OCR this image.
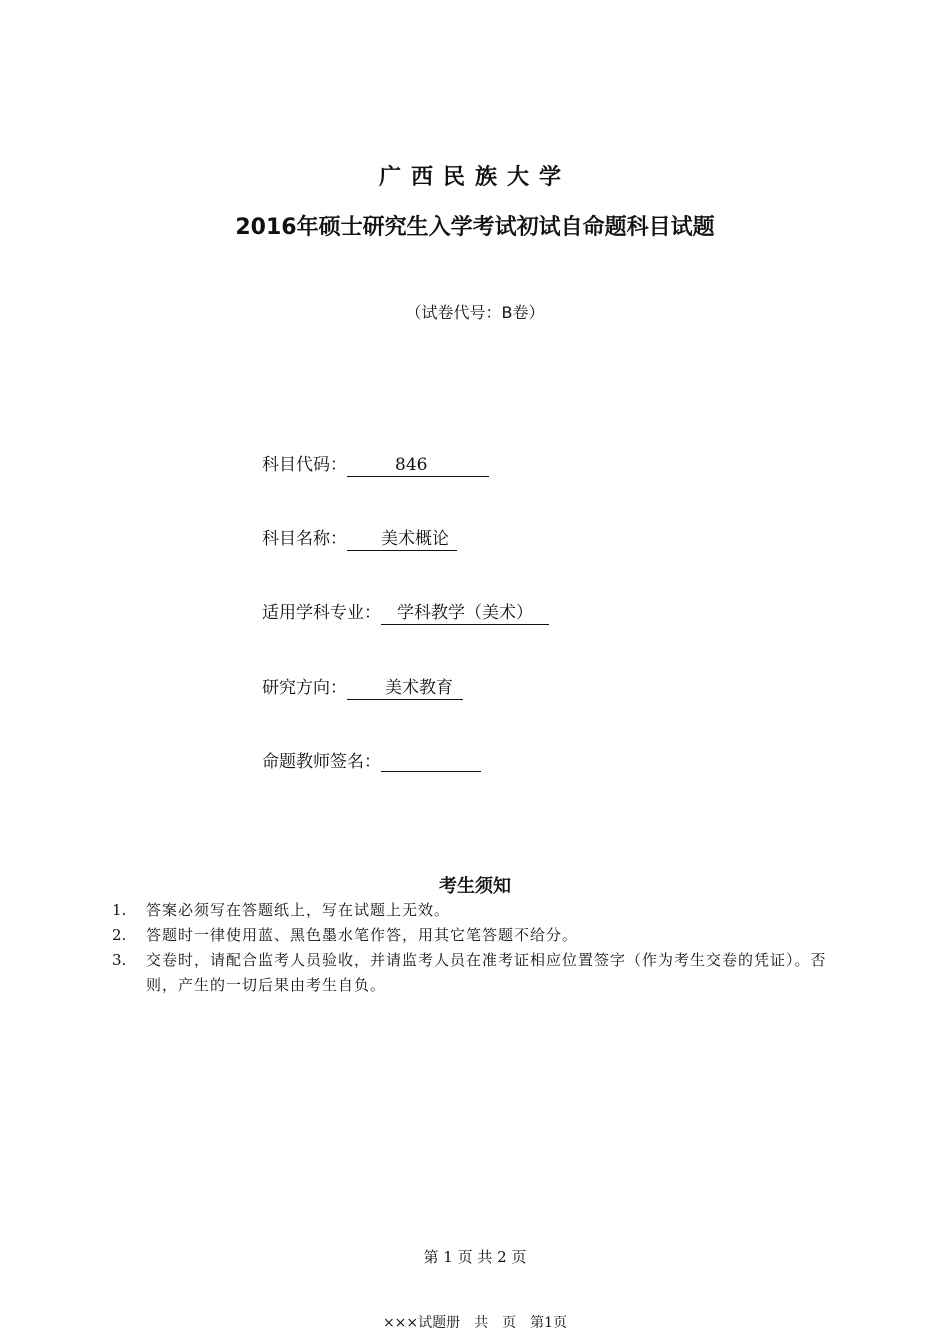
广西民族大学
2016年硕士研究生入学考试初试自命题科目试题
（试卷代号：B卷）
科目代码：	846
科目名称： 美术概论
适用学科专业： 学科教学（美术）
研究方向： 美术教育
命题教师签名：
考生须知
1.	答案必须写在答题纸上，写在试题上无效。
2.	答题时一律使用蓝、黑色墨水笔作答，用其它笔答题不给分。
3.	交卷时，请配合监考人员验收，并请监考人员在准考证相应位置签字（作为考生交卷的凭证）。否则，产生的一切后果由考生自负。
第 1 页 共 2 页
×××试题册　共　页　第1页
